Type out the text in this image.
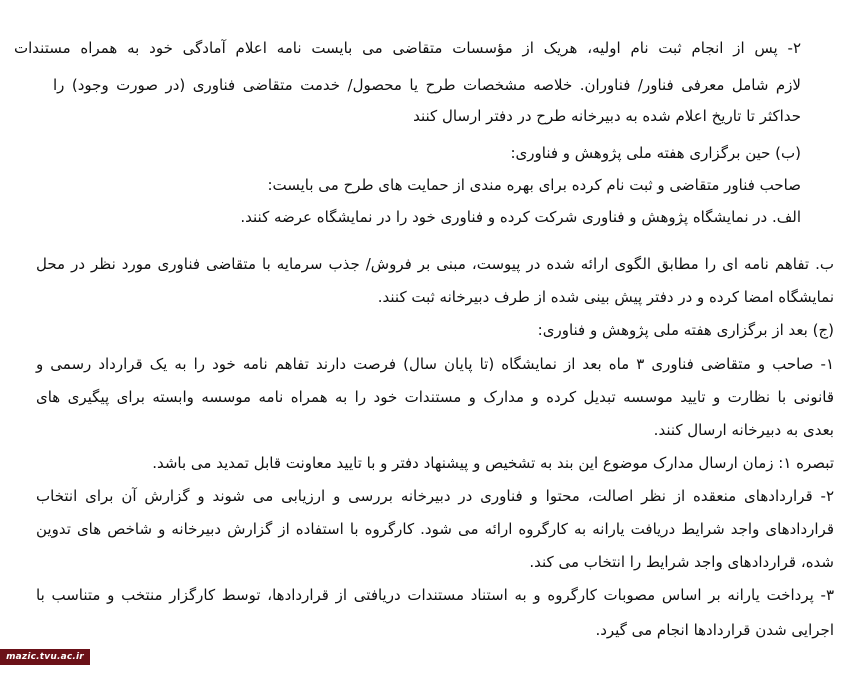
۲- پس از انجام ثبت نام اولیه، هریک از مؤسسات متقاضی می بایست نامه اعلام آمادگی خود به همراه مستندات
لازم شامل معرفی فناور/ فناوران. خلاصه مشخصات طرح یا محصول/ خدمت متقاضی فناوری (در صورت وجود) را
حداکثر تا تاریخ اعلام شده به دبیرخانه طرح در دفتر ارسال کنند
(ب) حین برگزاری هفته ملی پژوهش و فناوری:
صاحب فناور متقاضی و ثبت نام کرده برای بهره مندی از حمایت های طرح می بایست:
الف. در نمایشگاه پژوهش و فناوری شرکت کرده و فناوری خود را در نمایشگاه عرضه کنند.
ب. تفاهم نامه ای را مطابق الگوی ارائه شده در پیوست، مبنی بر فروش/ جذب سرمایه با متقاضی فناوری مورد نظر در محل
نمایشگاه امضا کرده و در دفتر پیش بینی شده از طرف دبیرخانه ثبت کنند.
(ج) بعد از برگزاری هفته ملی پژوهش و فناوری:
۱- صاحب و متقاضی فناوری ۳ ماه بعد از نمایشگاه (تا پایان سال) فرصت دارند تفاهم نامه خود را به یک قرارداد رسمی و
قانونی با نظارت و تایید موسسه تبدیل کرده و مدارک و مستندات خود را به همراه نامه موسسه وابسته برای پیگیری های
بعدی به دبیرخانه ارسال کنند.
تبصره ۱: زمان ارسال مدارک موضوع این بند به تشخیص و پیشنهاد دفتر و با تایید معاونت قابل تمدید می باشد.
۲- قراردادهای منعقده از نظر اصالت، محتوا و فناوری در دبیرخانه بررسی و ارزیابی می شوند و گزارش آن برای انتخاب
قراردادهای واجد شرایط دریافت یارانه به کارگروه ارائه می شود. کارگروه با استفاده از گزارش دبیرخانه و شاخص های تدوین
شده، قراردادهای واجد شرایط را انتخاب می کند.
۳- پرداخت یارانه بر اساس مصوبات کارگروه و به استناد مستندات دریافتی از قراردادها، توسط کارگزار منتخب و متناسب با
اجرایی شدن قراردادها انجام می گیرد.
mazic.tvu.ac.ir
